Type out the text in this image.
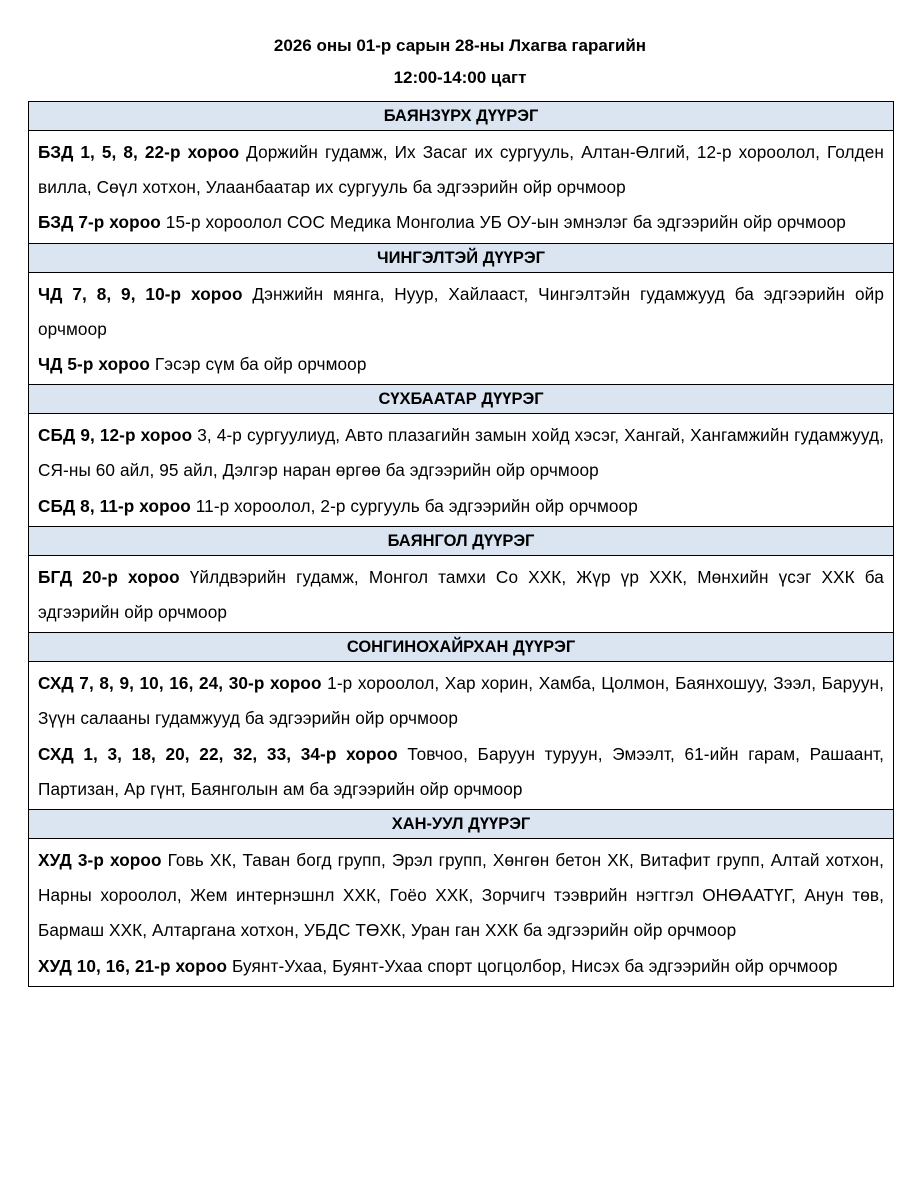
2026 оны 01-р сарын 28-ны Лхагва гарагийн
12:00-14:00 цагт
БАЯНЗҮРХ ДҮҮРЭГ

БЗД 1, 5, 8, 22-р хороо Доржийн гудамж, Их Засаг их сургууль, Алтан-Өлгий, 12-р хороолол, Голден вилла, Сөүл хотхон, Улаанбаатар их сургууль ба эдгээрийн ойр орчмоор

БЗД 7-р хороо 15-р хороолол СОС Медика Монголиа УБ ОУ-ын эмнэлэг ба эдгээрийн ойр орчмоор

ЧИНГЭЛТЭЙ ДҮҮРЭГ

ЧД 7, 8, 9, 10-р хороо Дэнжийн мянга, Нуур, Хайлааст, Чингэлтэйн гудамжууд ба эдгээрийн ойр орчмоор

ЧД 5-р хороо Гэсэр сүм ба ойр орчмоор

СҮХБААТАР ДҮҮРЭГ

СБД 9, 12-р хороо 3, 4-р сургуулиуд, Авто плазагийн замын хойд хэсэг, Хангай, Хангамжийн гудамжууд, СЯ-ны 60 айл, 95 айл, Дэлгэр наран өргөө ба эдгээрийн ойр орчмоор

СБД 8, 11-р хороо 11-р хороолол, 2-р сургууль ба эдгээрийн ойр орчмоор

БАЯНГОЛ ДҮҮРЭГ

БГД 20-р хороо Үйлдвэрийн гудамж, Монгол тамхи Со ХХК, Жүр үр ХХК, Мөнхийн үсэг ХХК ба эдгээрийн ойр орчмоор

СОНГИНОХАЙРХАН ДҮҮРЭГ

СХД 7, 8, 9, 10, 16, 24, 30-р хороо 1-р хороолол, Хар хорин, Хамба, Цолмон, Баянхошуу, Зээл, Баруун, Зүүн салааны гудамжууд ба эдгээрийн ойр орчмоор

СХД 1, 3, 18, 20, 22, 32, 33, 34-р хороо Товчоо, Баруун туруун, Эмээлт, 61-ийн гарам, Рашаант, Партизан, Ар гүнт, Баянголын ам ба эдгээрийн ойр орчмоор

ХАН-УУЛ ДҮҮРЭГ

ХУД 3-р хороо Говь ХК, Таван богд групп, Эрэл групп, Хөнгөн бетон ХК, Витафит групп, Алтай хотхон, Нарны хороолол, Жем интернэшнл ХХК, Гоёо ХХК, Зорчигч тээврийн нэгтгэл ОНӨААТҮГ, Анун төв, Бармаш ХХК, Алтаргана хотхон, УБДС ТӨХК, Уран ган ХХК ба эдгээрийн ойр орчмоор

ХУД 10, 16, 21-р хороо Буянт-Ухаа, Буянт-Ухаа спорт цогцолбор, Нисэх ба эдгээрийн ойр орчмоор
